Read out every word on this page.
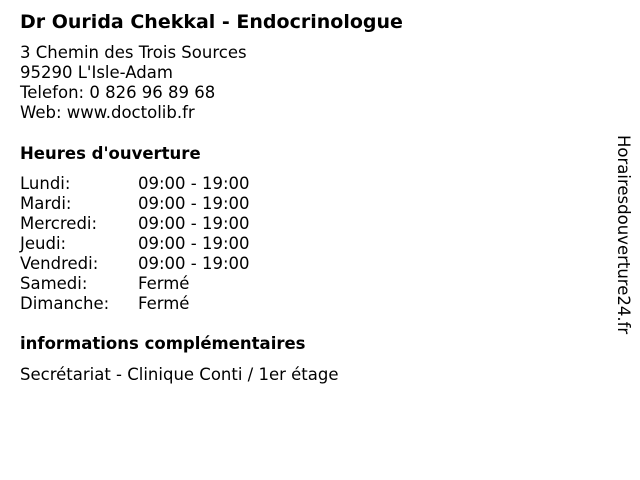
Dr Ourida Chekkal - Endocrinologue
3 Chemin des Trois Sources
95290 L'Isle-Adam
Telefon: 0 826 96 89 68
Web: www.doctolib.fr
Heures d'ouverture
Lundi:	09:00 - 19:00
Mardi:	09:00 - 19:00
Mercredi: 09:00 - 19:00
Jeudi:	09:00 - 19:00
Vendredi: 09:00 - 19:00
Samedi:	Fermé
Dimanche: Fermé
informations complémentaires
Secrétariat - Clinique Conti / 1er étage
Horairesdouverture24.fr
